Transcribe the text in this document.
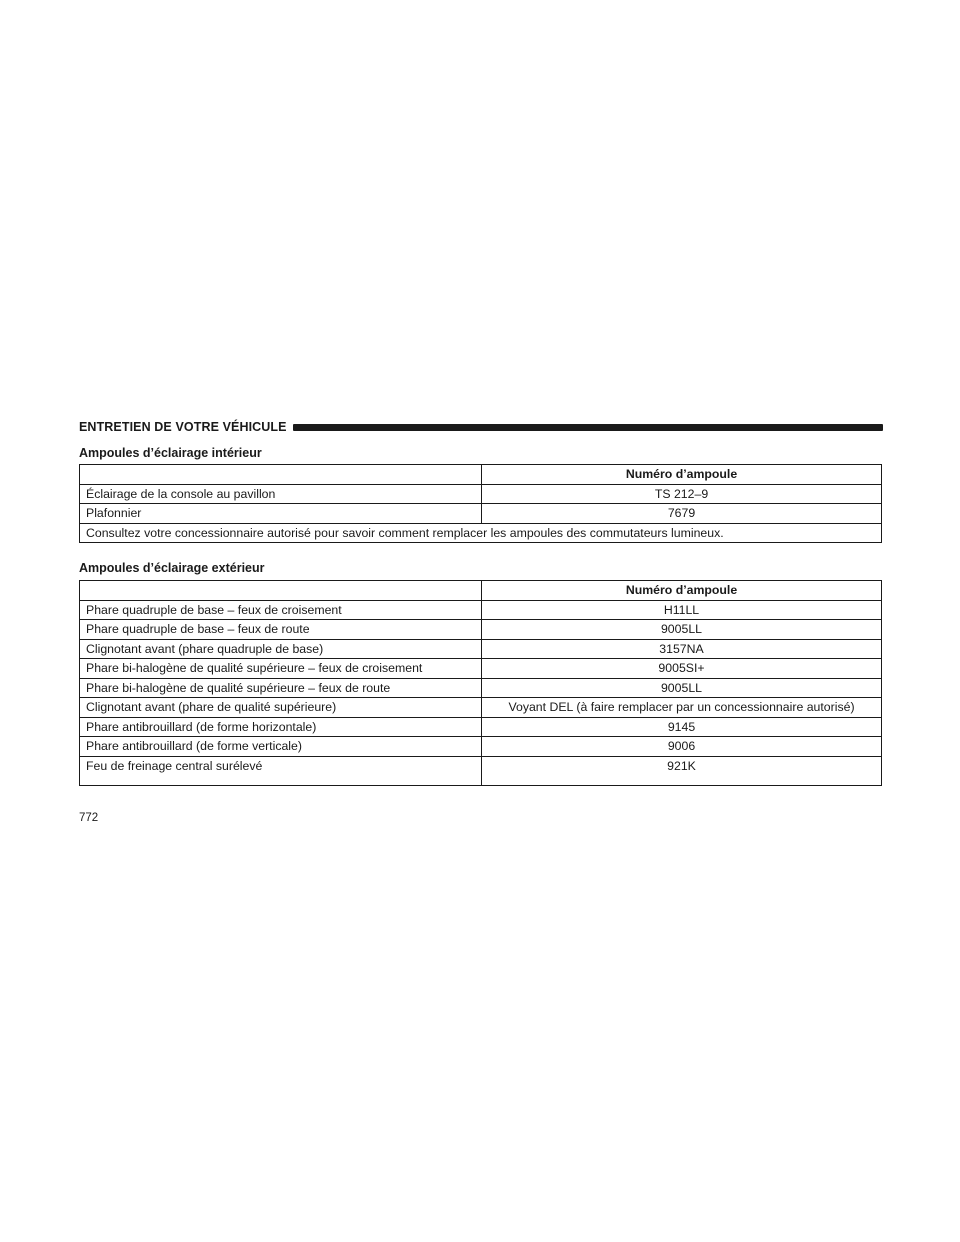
ENTRETIEN DE VOTRE VÉHICULE
Ampoules d’éclairage intérieur
	Numéro d’ampoule
Éclairage de la console au pavillon	TS 212–9
Plafonnier	7679
Consultez votre concessionnaire autorisé pour savoir comment remplacer les ampoules des commutateurs lumineux.	
Ampoules d’éclairage extérieur
	Numéro d’ampoule
Phare quadruple de base – feux de croisement	H11LL
Phare quadruple de base – feux de route	9005LL
Clignotant avant (phare quadruple de base)	3157NA
Phare bi-halogène de qualité supérieure – feux de croisement	9005SI+
Phare bi-halogène de qualité supérieure – feux de route	9005LL
Clignotant avant (phare de qualité supérieure)	Voyant DEL (à faire remplacer par un concessionnaire autorisé)
Phare antibrouillard (de forme horizontale)	9145
Phare antibrouillard (de forme verticale)	9006
Feu de freinage central surélevé	921K
772
